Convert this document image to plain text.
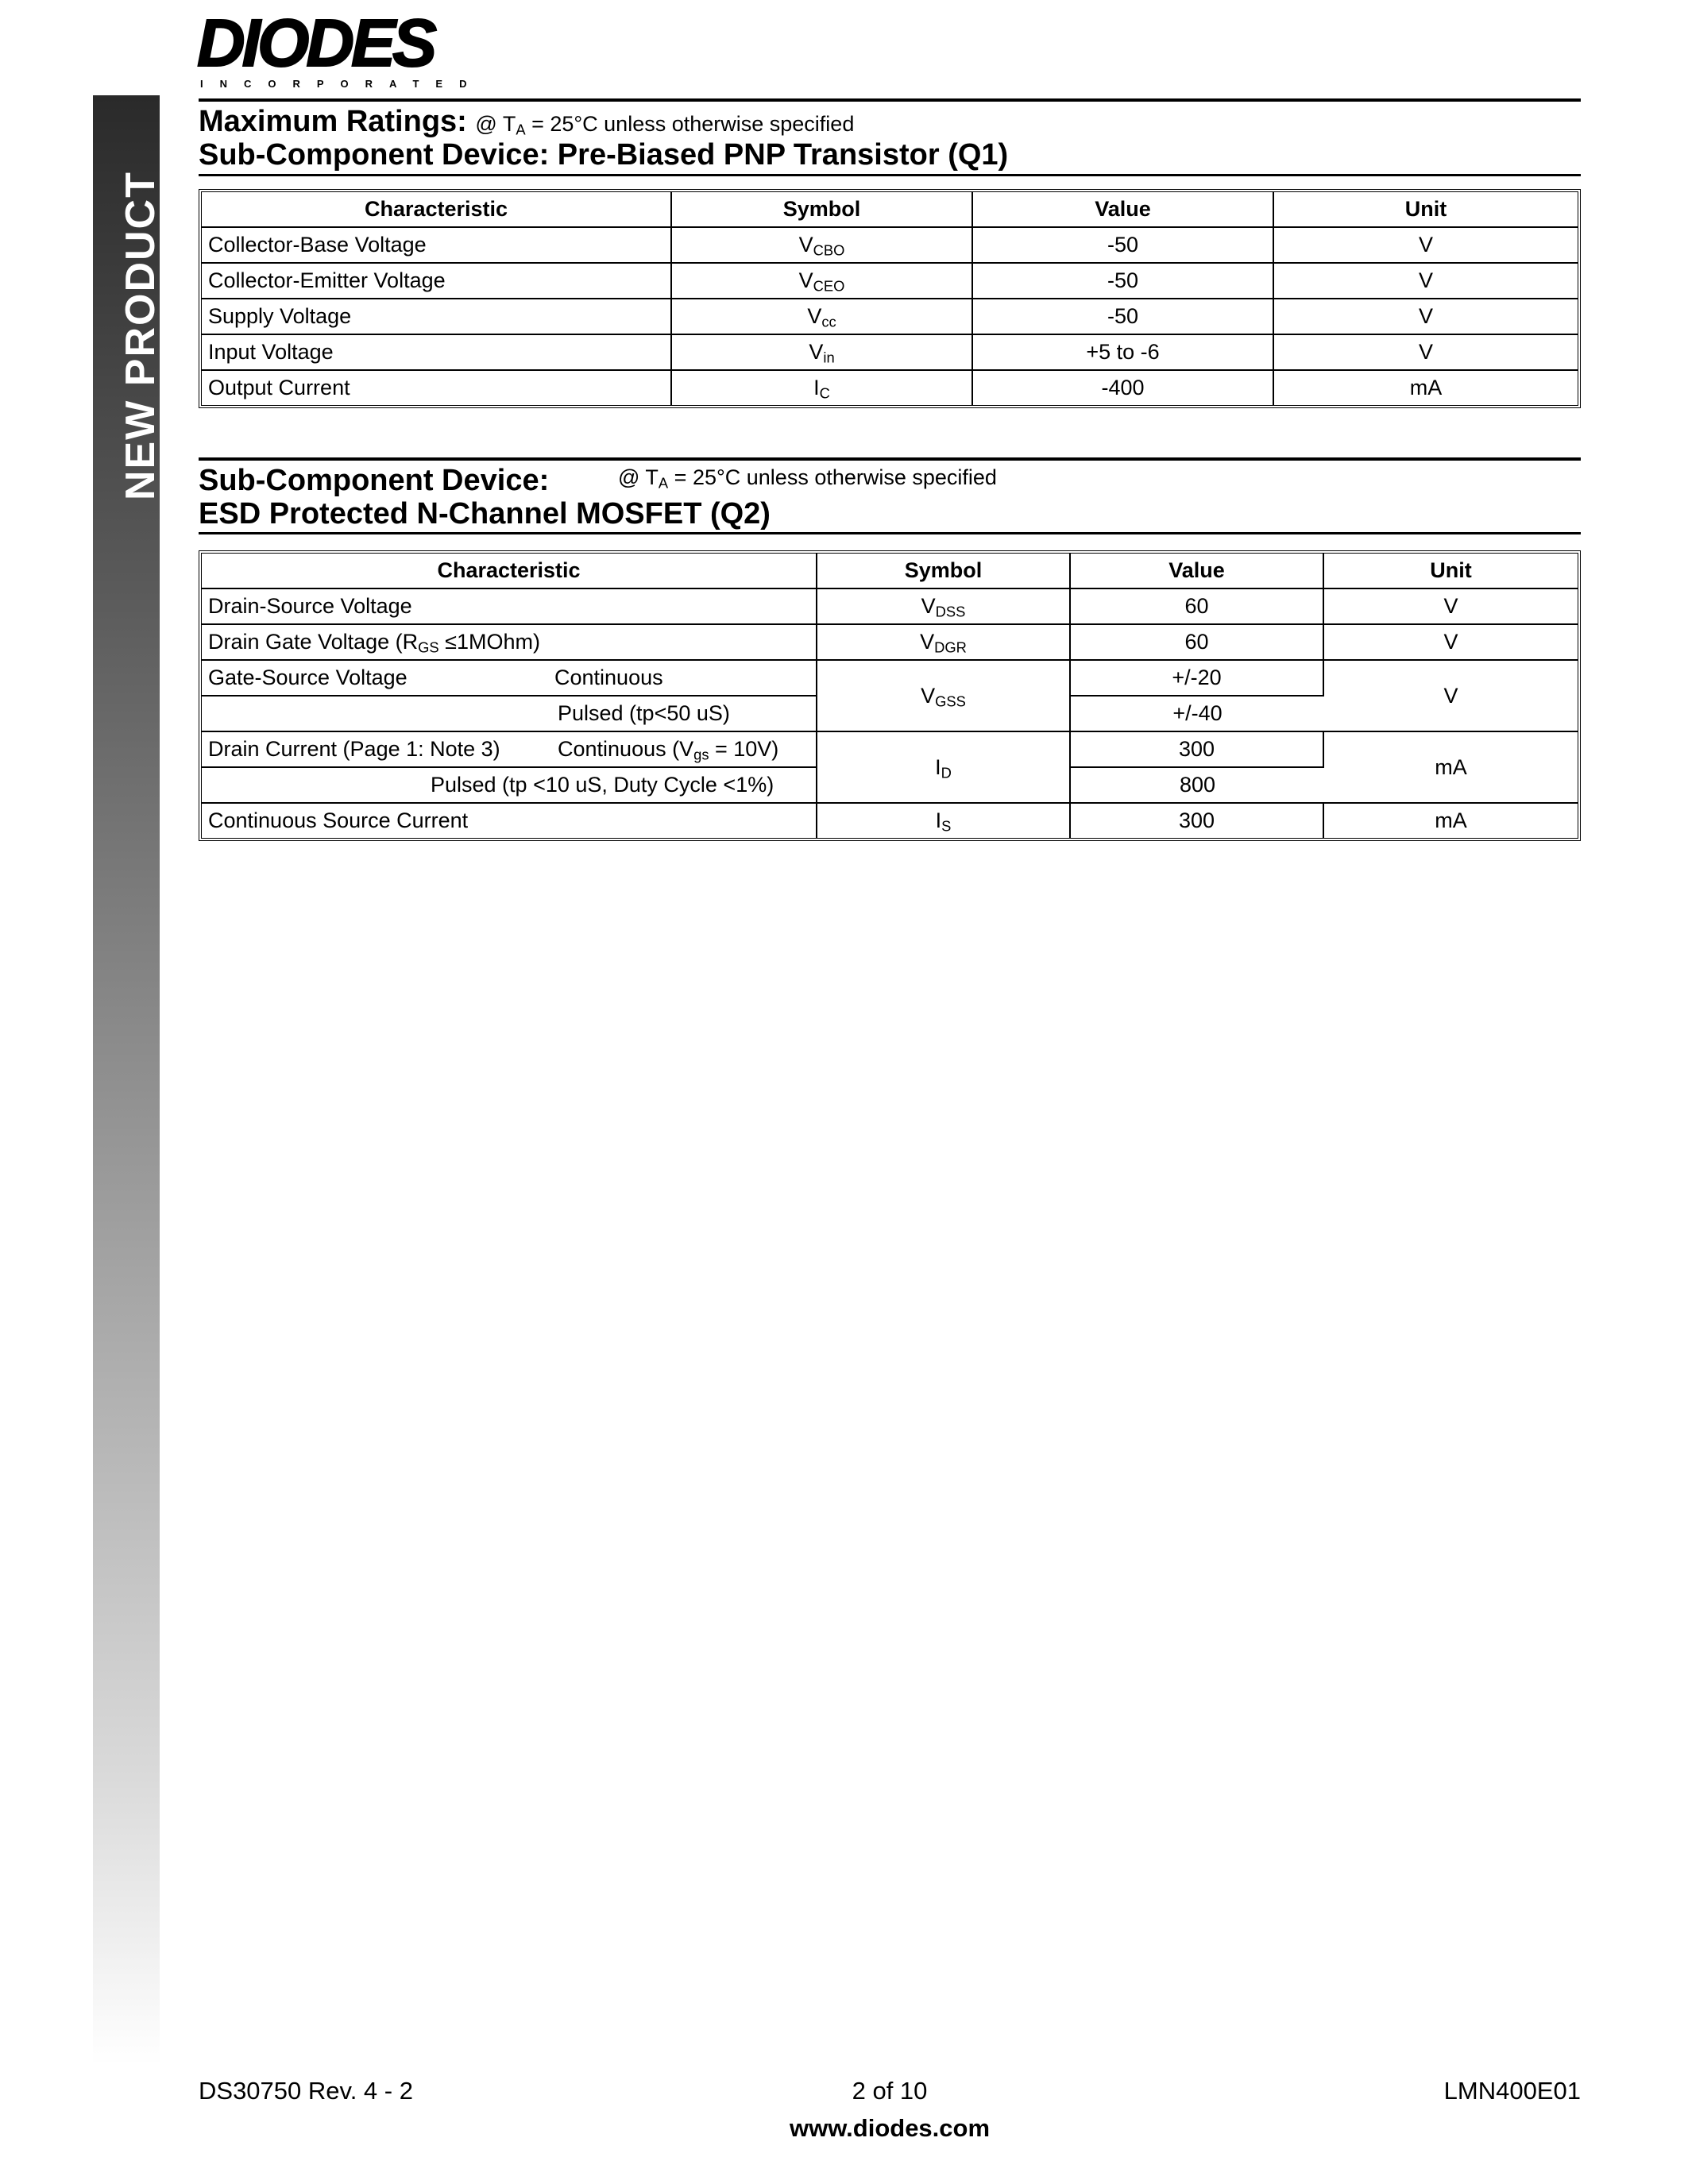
NEW PRODUCT
DIODES
INCORPORATED
Maximum Ratings: @ $T_A = 25^\circ C$ unless otherwise specified
Sub-Component Device: Pre-Biased PNP Transistor (Q1)
Characteristic	Symbol	Value	Unit
Collector-Base Voltage	$V_{CBO}$	-50	V
Collector-Emitter Voltage	$V_{CEO}$	-50	V
Supply Voltage	$V_{cc}$	-50	V
Input Voltage	$V_{in}$	+5 to -6	V
Output Current	$I_C$	-400	mA
Sub-Component Device:	@ $T_A = 25^\circ C$ unless otherwise specified
ESD Protected N-Channel MOSFET (Q2)
Characteristic	Symbol	Value	Unit
Drain-Source Voltage	$V_{DSS}$	60	V
Drain Gate Voltage ($R_{GS}$ ≤1MOhm)	$V_{DGR}$	60	V
Gate-Source Voltage Continuous	$V_{GSS}$	+/-20	V
Pulsed (tp<50 uS)		+/-40	
Drain Current (Page 1: Note 3) Continuous $(V_{gs} = 10V)$	$I_D$	300	mA
Pulsed (tp <10 uS, Duty Cycle <1%)		800	
Continuous Source Current	$I_S$	300	mA
DS30750 Rev. 4 - 2	2 of 10	LMN400E01
www.diodes.com
